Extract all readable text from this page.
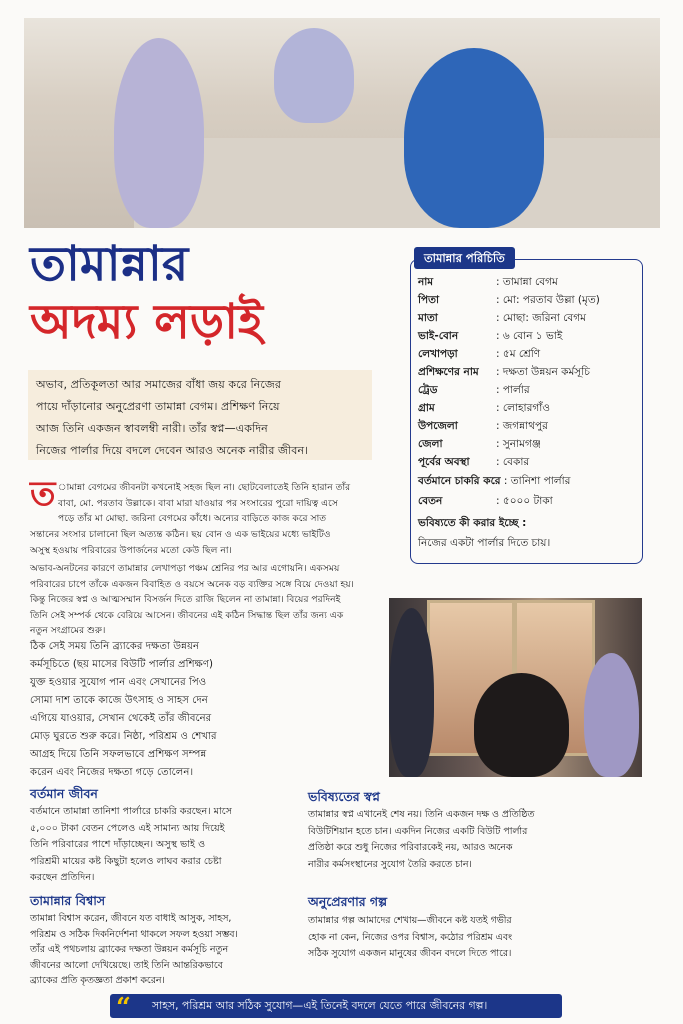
তামান্নার
অদম্য লড়াই
অভাব, প্রতিকূলতা আর সমাজের বাঁধা জয় করে নিজের
পায়ে দাঁড়ানোর অনুপ্রেরণা তামান্না বেগম। প্রশিক্ষণ নিয়ে
আজ তিনি একজন স্বাবলম্বী নারী। তাঁর স্বপ্ন—একদিন
নিজের পার্লার দিয়ে বদলে দেবেন আরও অনেক নারীর জীবন।
তামান্নার পরিচিতি
নাম	: তামান্না বেগম
পিতা	: মো: পরতাব উল্লা (মৃত)
মাতা	: মোছা: জরিনা বেগম
ভাই-বোন	: ৬ বোন ১ ভাই
লেখাপড়া	: ৫ম শ্রেণি
প্রশিক্ষণের নাম : দক্ষতা উন্নয়ন কর্মসূচি
ট্রেড	: পার্লার
গ্রাম	: লোহারগাঁও
উপজেলা	: জগন্নাথপুর
জেলা	: সুনামগঞ্জ
পূর্বের অবস্থা	: বেকার
বর্তমানে চাকরি করে : তানিশা পার্লার
বেতন	: ৫০০০ টাকা
ভবিষ্যতে কী করার ইচ্ছে :
নিজের একটা পার্লার দিতে চায়।
ত ামান্না বেগমের জীবনটা কখনোই সহজ ছিল না। ছোটবেলাতেই তিনি হারান তাঁর
বাবা, মো. পরতাব উল্লাকে। বাবা মারা যাওয়ার পর সংসারের পুরো দায়িত্ব এসে
পড়ে তাঁর মা মোছা. জরিনা বেগমের কাঁধে। অন্যের বাড়িতে কাজ করে সাত
সন্তানের সংসার চালানো ছিল অত্যন্ত কঠিন। ছয় বোন ও এক ভাইয়ের মধ্যে ভাইটিও
অসুস্থ হওয়ায় পরিবারের উপার্জনের মতো কেউ ছিল না।
অভাব-অনটনের কারণে তামান্নার লেখাপড়া পঞ্চম শ্রেনির পর আর এগোয়নি। একসময়
পরিবারের চাপে তাঁকে একজন বিবাহিত ও বয়সে অনেক বড় ব্যক্তির সঙ্গে বিয়ে দেওয়া হয়।
কিন্তু নিজের স্বপ্ন ও আত্মসম্মান বিসর্জন দিতে রাজি ছিলেন না তামান্না। বিয়ের পরদিনই
তিনি সেই সম্পর্ক থেকে বেরিয়ে আসেন। জীবনের এই কঠিন সিদ্ধান্ত ছিল তাঁর জন্য এক
নতুন সংগ্রামের শুরু।
ঠিক সেই সময় তিনি ব্র্যাকের দক্ষতা উন্নয়ন
কর্মসূচিতে (ছয় মাসের বিউটি পার্লার প্রশিক্ষণ)
যুক্ত হওয়ার সুযোগ পান এবং সেখানের পিও
সোমা দাশ তাকে কাজে উৎসাহ ও সাহস দেন
এগিয়ে যাওয়ার, সেখান থেকেই তাঁর জীবনের
মোড় ঘুরতে শুরু করে। নিষ্ঠা, পরিশ্রম ও শেখার
আগ্রহ দিয়ে তিনি সফলভাবে প্রশিক্ষণ সম্পন্ন
করেন এবং নিজের দক্ষতা গড়ে তোলেন।
বর্তমান জীবন
বর্তমানে তামান্না তানিশা পার্লারে চাকরি করছেন। মাসে
৫,০০০ টাকা বেতন পেলেও এই সামান্য আয় দিয়েই
তিনি পরিবারের পাশে দাঁড়াচ্ছেন। অসুস্থ ভাই ও
পরিশ্রমী মায়ের কষ্ট কিছুটা হলেও লাঘব করার চেষ্টা
করছেন প্রতিদিন।
ভবিষ্যতের স্বপ্ন
তামান্নার স্বপ্ন এখানেই শেষ নয়। তিনি একজন দক্ষ ও প্রতিষ্ঠিত
বিউটিশিয়ান হতে চান। একদিন নিজের একটি বিউটি পার্লার
প্রতিষ্ঠা করে শুধু নিজের পরিবারকেই নয়, আরও অনেক
নারীর কর্মসংস্থানের সুযোগ তৈরি করতে চান।
তামান্নার বিশ্বাস
তামান্না বিশ্বাস করেন, জীবনে যত বাধাই আসুক, সাহস,
পরিশ্রম ও সঠিক দিকনির্দেশনা থাকলে সফল হওয়া সম্ভব।
তাঁর এই পথচলায় ব্র্যাকের দক্ষতা উন্নয়ন কর্মসূচি নতুন
জীবনের আলো দেখিয়েছে। তাই তিনি আন্তরিকভাবে
ব্র্যাকের প্রতি কৃতজ্ঞতা প্রকাশ করেন।
অনুপ্রেরণার গল্প
তামান্নার গল্প আমাদের শেখায়—জীবনে কষ্ট যতই গভীর
হোক না কেন, নিজের ওপর বিশ্বাস, কঠোর পরিশ্রম এবং
সঠিক সুযোগ একজন মানুষের জীবন বদলে দিতে পারে।
“	সাহস, পরিশ্রম আর সঠিক সুযোগ—এই তিনেই বদলে যেতে পারে জীবনের গল্প।
